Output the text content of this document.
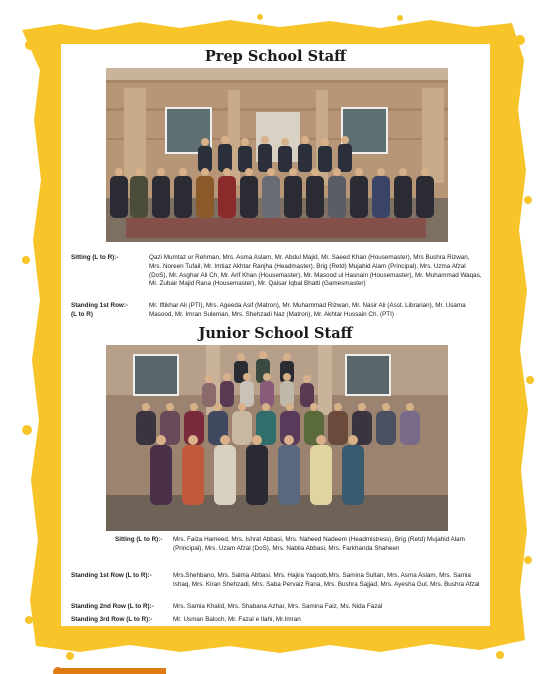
Prep School Staff
Sitting (L to R):-	Qazi Mumtaz ur Rehman, Mrs. Asma Aslam, Mr. Abdul Majid, Mr. Saeed Khan (Housemaster), Mrs Bushra Rizwan, Mrs. Noreen Tufail, Mr. Imtiaz Akhtar Ranjha (Headmaster), Brig (Retd) Mujahid Alam (Principal), Mrs. Uzma Afzal (DoS), Mr. Asghar Ali Ch, Mr. Arif Khan (Housemaster), Mr. Masood ul Hasnain (Housemaster), Mr. Muhammad Waqas, Mr. Zubair Majid Rana (Housemaster), Mr. Qaisar Iqbal Bhatti (Gamesmaster)
Standing 1st Row:-
(L to R)
Mr. Iftikhar Ali (PTI), Mrs. Ageeda Asif (Matron), Mr. Muhammad Rizwan, Mr. Nasir Ali (Asst. Librarian), Mr. Usama Masood, Mr. Imran Suleman, Mrs. Shehzadi Naz (Matron), Mr. Akhtar Hussain Ch. (PTI)
Junior School Staff
Sitting (L to R):- Mrs. Faiza Hameed, Mrs. Ishrat Abbasi, Mrs. Naheed Nadeem (Headmistress), Brig (Retd) Mujahid Alam (Principal), Mrs. Uzam Afzal (DoS), Mrs. Nabila Abbasi, Mrs. Farkhanda Shaheen
Standing 1st Row (L to R):-	Mrs.Shehbano, Mrs. Salma Abbasi. Mrs. Hajira Yaqoob,Mrs. Samina Sultan, Mrs. Asma Aslam, Mrs. Samia Ishaq, Mrs. Kiran Shehzadi, Mrs. Saba Pervaiz Rana, Mrs. Bushra Sajjad, Mrs. Ayesha Gul, Mrs. Bushra Afzal
Standing 2nd Row (L to R):-	Mrs. Samia Khalid, Mrs. Shabana Azhar, Mrs. Samina Faiz, Ms. Nida Fazal
Standing 3rd Row (L to R):-	Mr. Usman Baloch, Mr. Fazal e Ilahi, Mr.Imran
